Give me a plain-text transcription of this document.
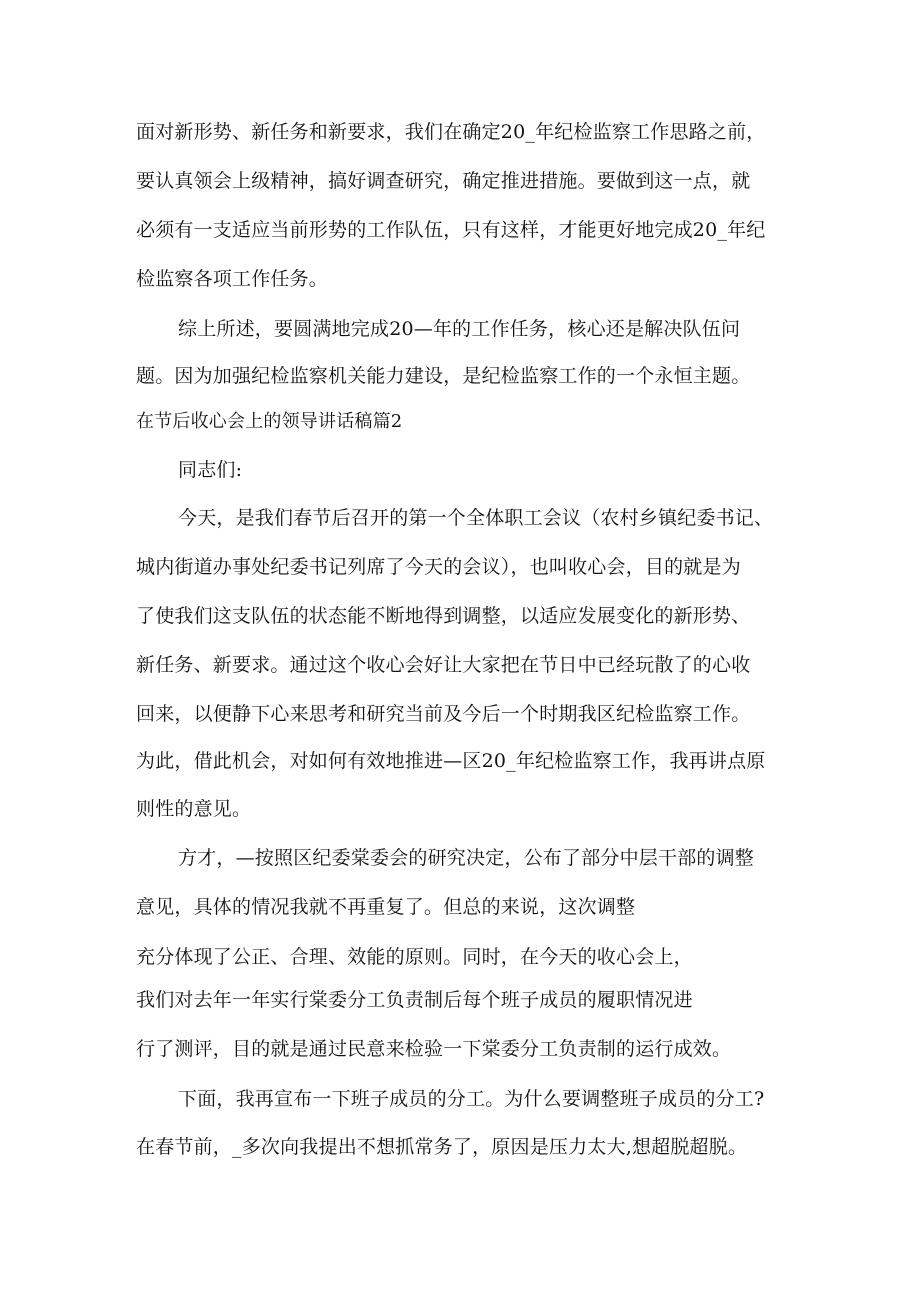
面对新形势、新任务和新要求，我们在确定20_年纪检监察工作思路之前，
要认真领会上级精神，搞好调查研究，确定推进措施。要做到这一点，就
必须有一支适应当前形势的工作队伍，只有这样，才能更好地完成20_年纪
检监察各项工作任务。
综上所述，要圆满地完成20—年的工作任务，核心还是解决队伍问
题。因为加强纪检监察机关能力建设，是纪检监察工作的一个永恒主题。
在节后收心会上的领导讲话稿篇2
同志们:
今天，是我们春节后召开的第一个全体职工会议（农村乡镇纪委书记、
城内街道办事处纪委书记列席了今天的会议），也叫收心会，目的就是为
了使我们这支队伍的状态能不断地得到调整，以适应发展变化的新形势、
新任务、新要求。通过这个收心会好让大家把在节日中已经玩散了的心收
回来，以便静下心来思考和研究当前及今后一个时期我区纪检监察工作。
为此，借此机会，对如何有效地推进—区20_年纪检监察工作，我再讲点原
则性的意见。
方才，—按照区纪委棠委会的研究决定，公布了部分中层干部的调整
意见，具体的情况我就不再重复了。但总的来说，这次调整
充分体现了公正、合理、效能的原则。同时，在今天的收心会上，
我们对去年一年实行棠委分工负责制后每个班子成员的履职情况进
行了测评，目的就是通过民意来检验一下棠委分工负责制的运行成效。
下面，我再宣布一下班子成员的分工。为什么要调整班子成员的分工?
在春节前，_多次向我提出不想抓常务了，原因是压力太大,想超脱超脱。
